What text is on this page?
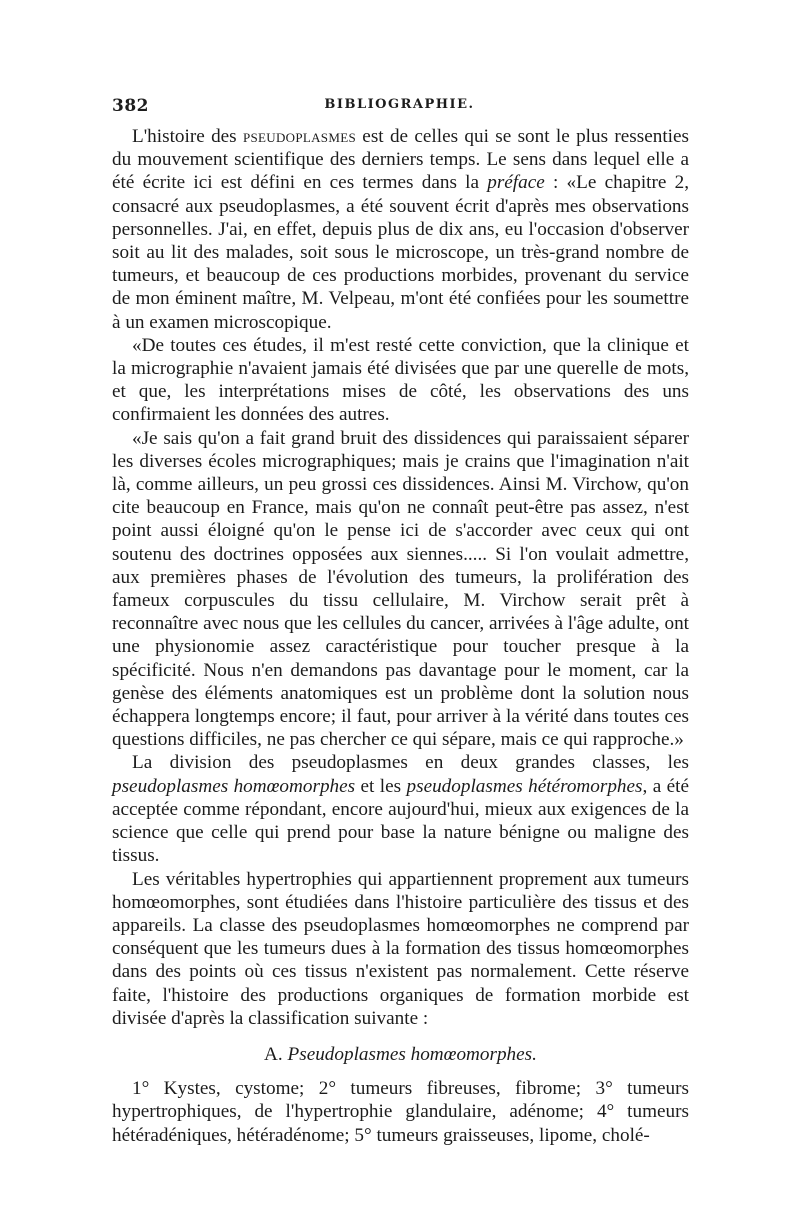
382	BIBLIOGRAPHIE.

L'histoire des pseudoplasmes est de celles qui se sont le plus ressenties du mouvement scientifique des derniers temps. Le sens dans lequel elle a été écrite ici est défini en ces termes dans la préface : «Le chapitre 2, consacré aux pseudoplasmes, a été souvent écrit d'après mes observations personnelles. J'ai, en effet, depuis plus de dix ans, eu l'occasion d'observer soit au lit des malades, soit sous le microscope, un très-grand nombre de tumeurs, et beaucoup de ces productions morbides, provenant du service de mon éminent maître, M. Velpeau, m'ont été confiées pour les soumettre à un examen microscopique.

«De toutes ces études, il m'est resté cette conviction, que la clinique et la micrographie n'avaient jamais été divisées que par une querelle de mots, et que, les interprétations mises de côté, les observations des uns confirmaient les données des autres.

«Je sais qu'on a fait grand bruit des dissidences qui paraissaient séparer les diverses écoles micrographiques; mais je crains que l'imagination n'ait là, comme ailleurs, un peu grossi ces dissidences. Ainsi M. Virchow, qu'on cite beaucoup en France, mais qu'on ne connaît peut-être pas assez, n'est point aussi éloigné qu'on le pense ici de s'accorder avec ceux qui ont soutenu des doctrines opposées aux siennes..... Si l'on voulait admettre, aux premières phases de l'évolution des tumeurs, la prolifération des fameux corpuscules du tissu cellulaire, M. Virchow serait prêt à reconnaître avec nous que les cellules du cancer, arrivées à l'âge adulte, ont une physionomie assez caractéristique pour toucher presque à la spécificité. Nous n'en demandons pas davantage pour le moment, car la genèse des éléments anatomiques est un problème dont la solution nous échappera longtemps encore; il faut, pour arriver à la vérité dans toutes ces questions difficiles, ne pas chercher ce qui sépare, mais ce qui rapproche.»

La division des pseudoplasmes en deux grandes classes, les pseudoplasmes homœomorphes et les pseudoplasmes hétéromorphes, a été acceptée comme répondant, encore aujourd'hui, mieux aux exigences de la science que celle qui prend pour base la nature bénigne ou maligne des tissus.

Les véritables hypertrophies qui appartiennent proprement aux tumeurs homœomorphes, sont étudiées dans l'histoire particulière des tissus et des appareils. La classe des pseudoplasmes homœomorphes ne comprend par conséquent que les tumeurs dues à la formation des tissus homœomorphes dans des points où ces tissus n'existent pas normalement. Cette réserve faite, l'histoire des productions organiques de formation morbide est divisée d'après la classification suivante :

A. Pseudoplasmes homœomorphes.

1° Kystes, cystome; 2° tumeurs fibreuses, fibrome; 3° tumeurs hypertrophiques, de l'hypertrophie glandulaire, adénome; 4° tumeurs hétéradéniques, hétéradénome; 5° tumeurs graisseuses, lipome, cholé-
